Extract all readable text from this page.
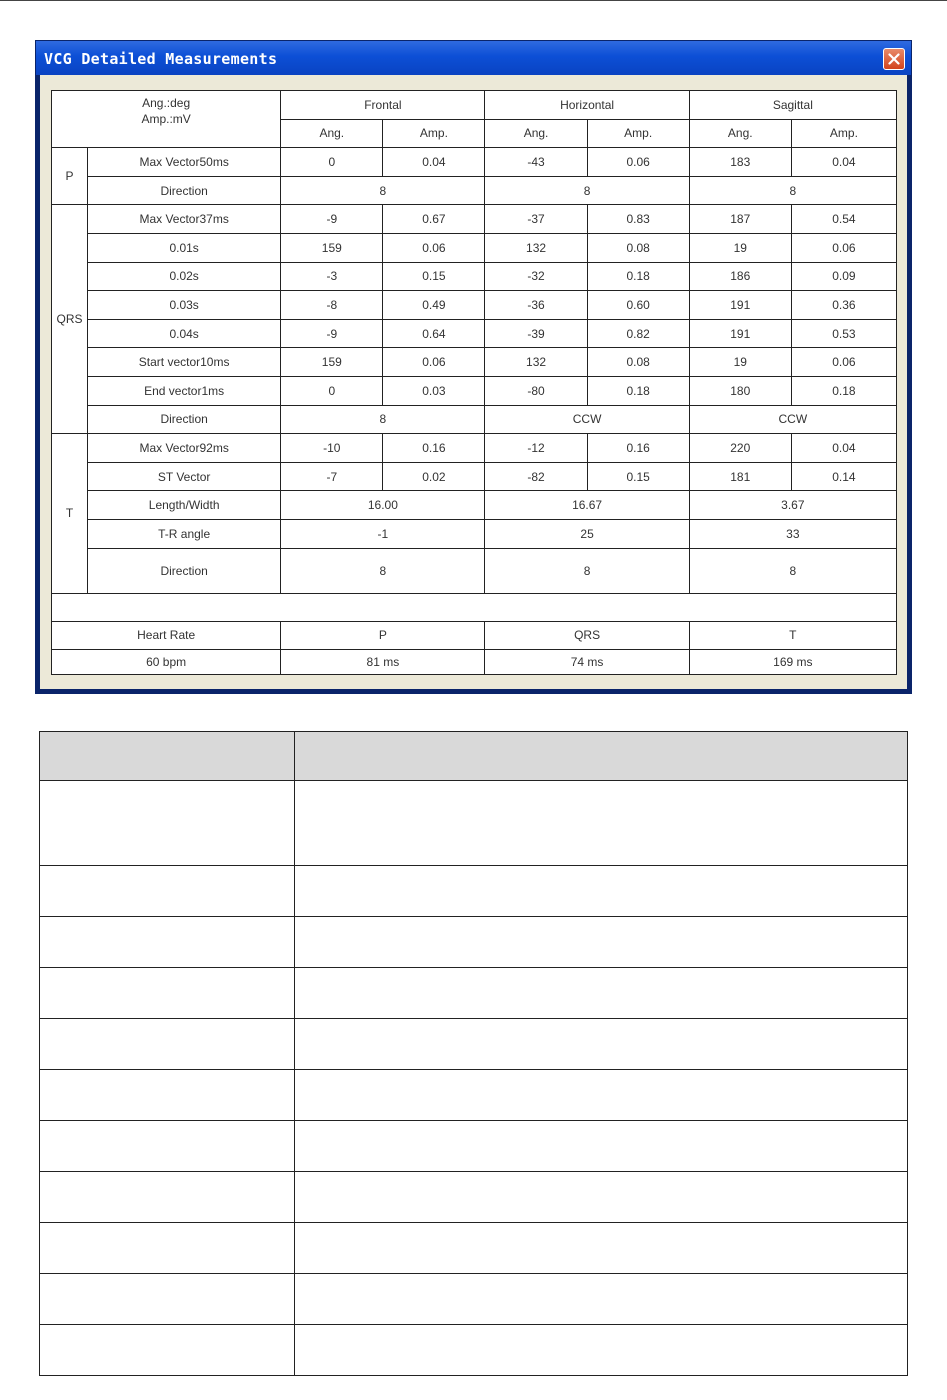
VCG Detailed Measurements
Ang.:deg
Amp.:mV		Frontal		Horizontal		Sagittal	
		Ang.	Amp.	Ang.	Amp.	Ang.	Amp.
P	Max Vector50ms	0	0.04	-43	0.06	183	0.04
	Direction	8		8		8	
QRS	Max Vector37ms	-9	0.67	-37	0.83	187	0.54
	0.01s	159	0.06	132	0.08	19	0.06
	0.02s	-3	0.15	-32	0.18	186	0.09
	0.03s	-8	0.49	-36	0.60	191	0.36
	0.04s	-9	0.64	-39	0.82	191	0.53
	Start vector10ms	159	0.06	132	0.08	19	0.06
	End vector1ms	0	0.03	-80	0.18	180	0.18
	Direction	8		CCW		CCW	
T	Max Vector92ms	-10	0.16	-12	0.16	220	0.04
	ST Vector	-7	0.02	-82	0.15	181	0.14
	Length/Width	16.00		16.67		3.67	
	T-R angle	-1		25		33	
	Direction	8		8		8	

Heart Rate		P		QRS		T	
60 bpm		81 ms		74 ms		169 ms	
